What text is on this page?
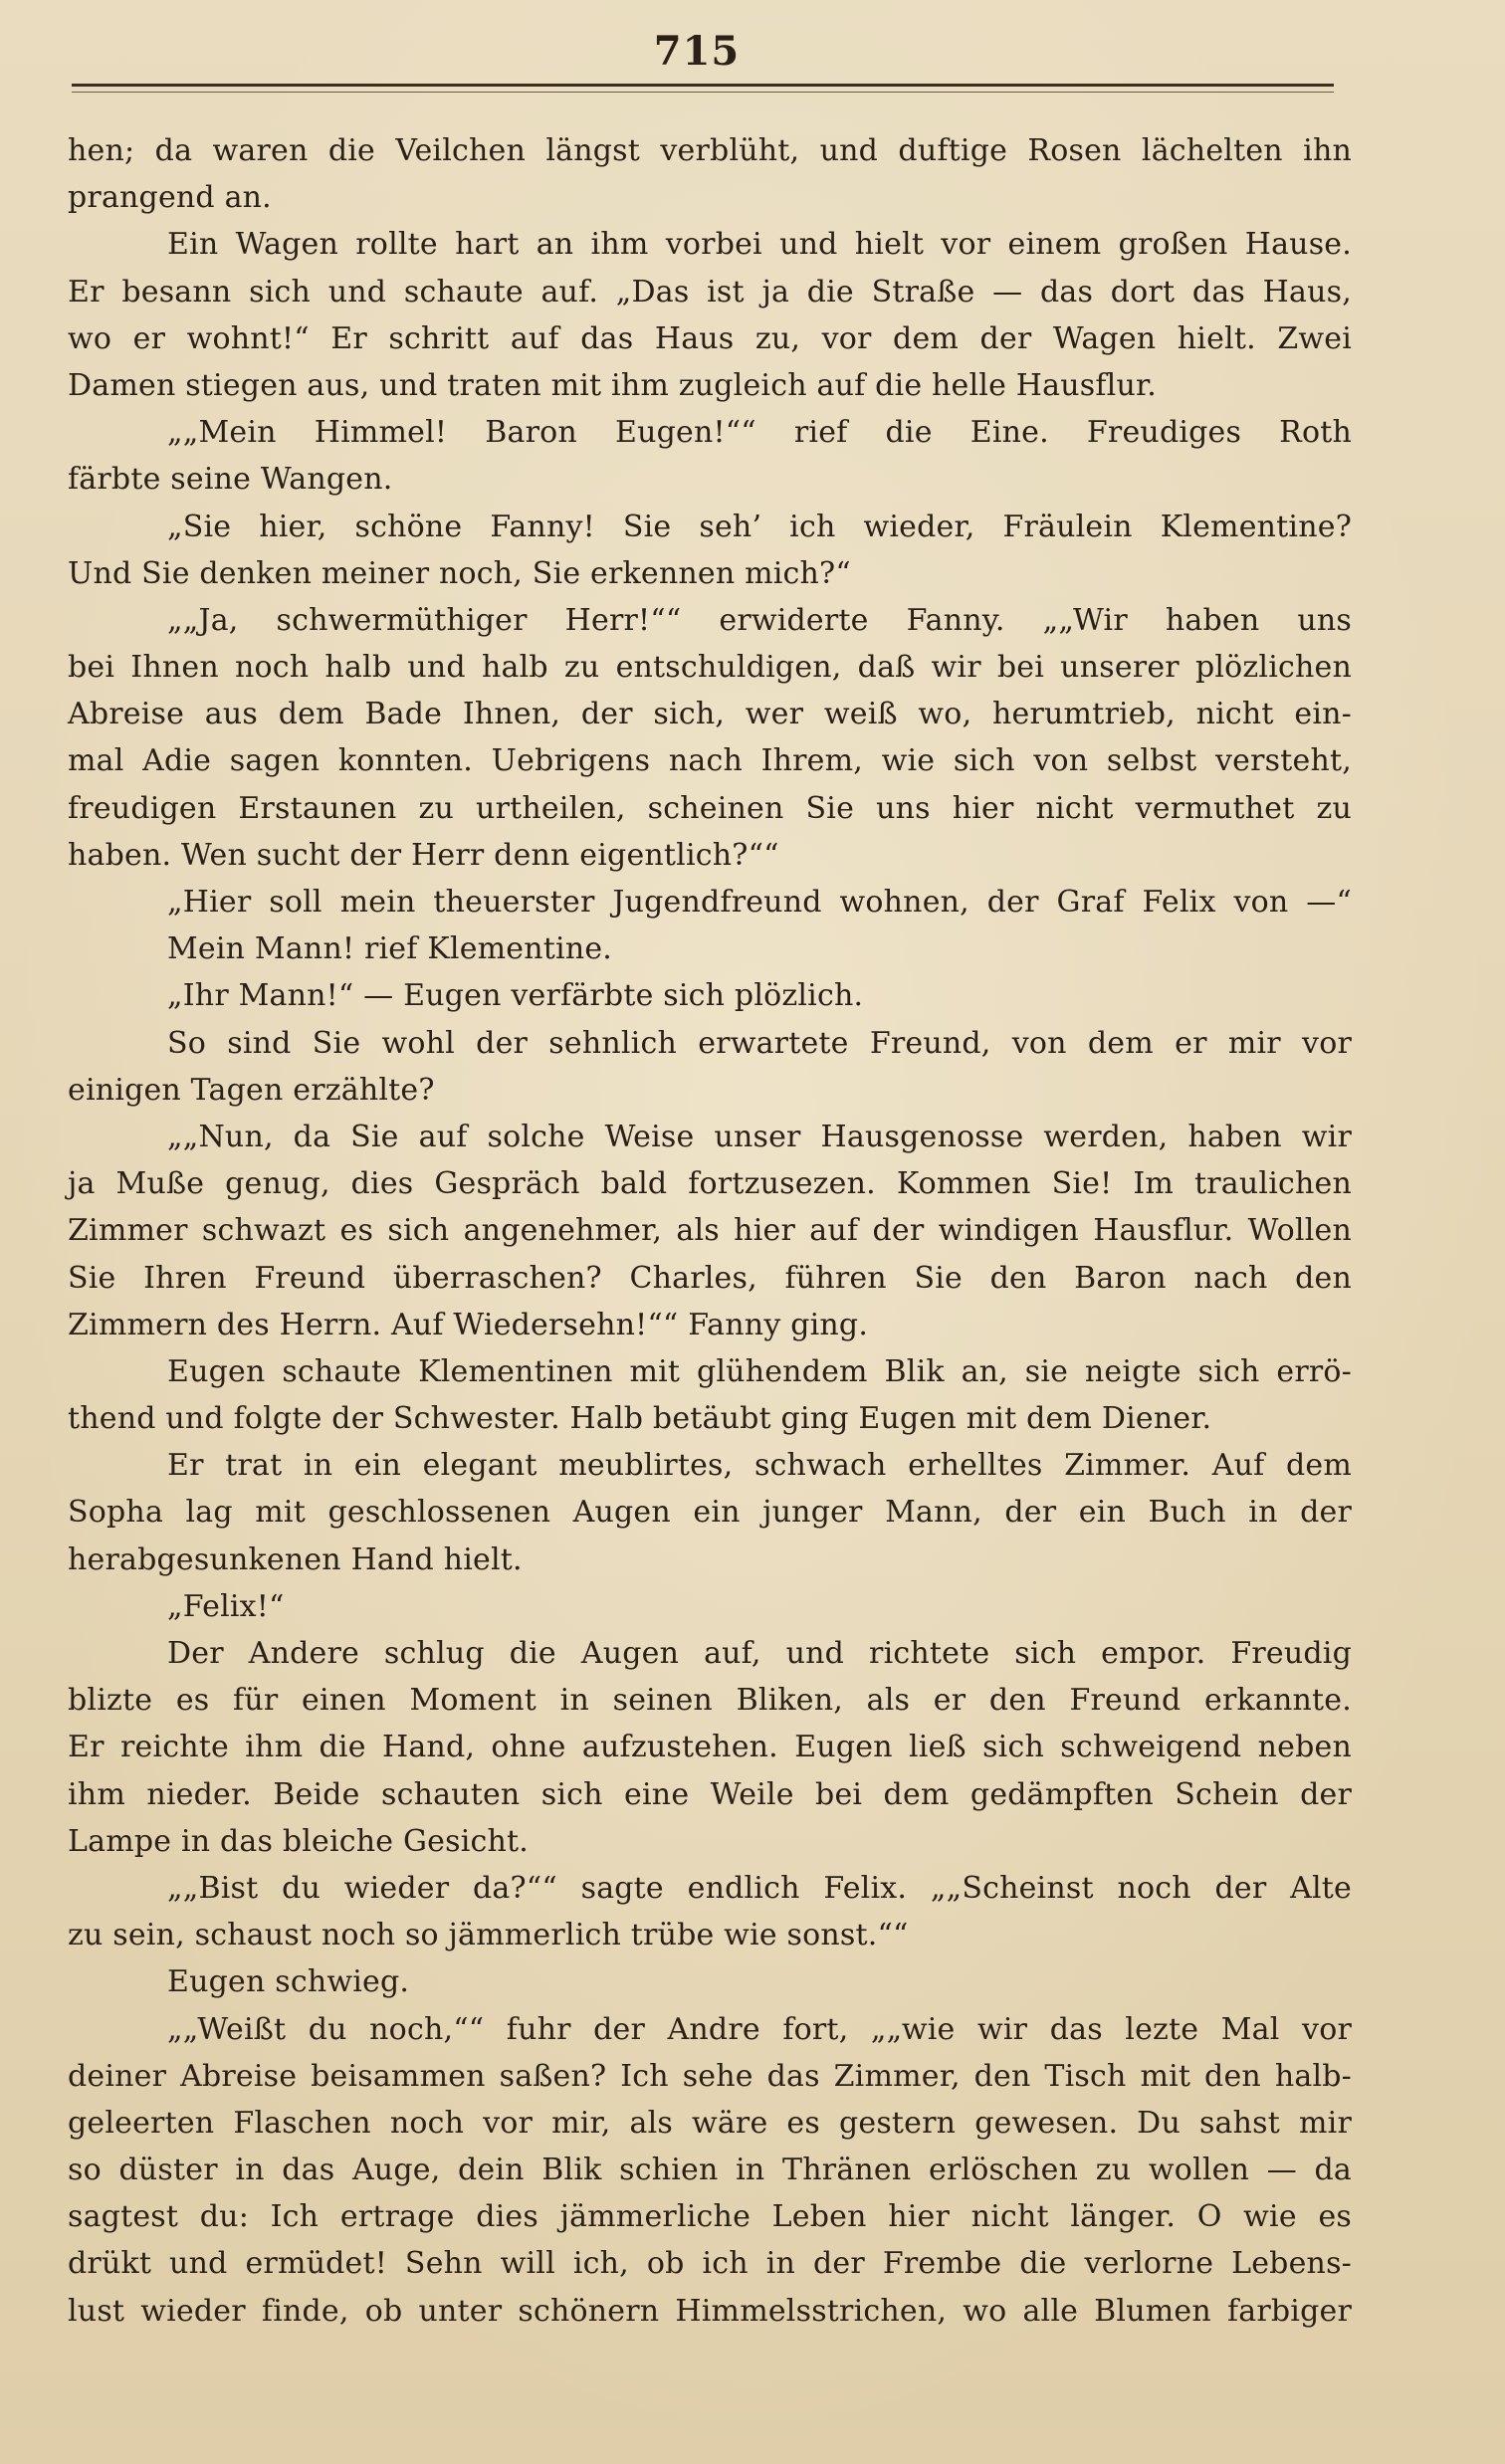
715
hen; da waren die Veilchen längst verblüht, und duftige Rosen lächelten ihn
prangend an.
Ein Wagen rollte hart an ihm vorbei und hielt vor einem großen Hause.
Er besann sich und schaute auf. „Das ist ja die Straße — das dort das Haus,
wo er wohnt!“ Er schritt auf das Haus zu, vor dem der Wagen hielt. Zwei
Damen stiegen aus, und traten mit ihm zugleich auf die helle Hausflur.
„„Mein Himmel! Baron Eugen!““ rief die Eine. Freudiges Roth
färbte seine Wangen.
„Sie hier, schöne Fanny! Sie seh’ ich wieder, Fräulein Klementine?
Und Sie denken meiner noch, Sie erkennen mich?“
„„Ja, schwermüthiger Herr!““ erwiderte Fanny. „„Wir haben uns
bei Ihnen noch halb und halb zu entschuldigen, daß wir bei unserer plözlichen
Abreise aus dem Bade Ihnen, der sich, wer weiß wo, herumtrieb, nicht ein-
mal Adie sagen konnten. Uebrigens nach Ihrem, wie sich von selbst versteht,
freudigen Erstaunen zu urtheilen, scheinen Sie uns hier nicht vermuthet zu
haben. Wen sucht der Herr denn eigentlich?““
„Hier soll mein theuerster Jugendfreund wohnen, der Graf Felix von —“
Mein Mann! rief Klementine.
„Ihr Mann!“ — Eugen verfärbte sich plözlich.
So sind Sie wohl der sehnlich erwartete Freund, von dem er mir vor
einigen Tagen erzählte?
„„Nun, da Sie auf solche Weise unser Hausgenosse werden, haben wir
ja Muße genug, dies Gespräch bald fortzusezen. Kommen Sie! Im traulichen
Zimmer schwazt es sich angenehmer, als hier auf der windigen Hausflur. Wollen
Sie Ihren Freund überraschen? Charles, führen Sie den Baron nach den
Zimmern des Herrn. Auf Wiedersehn!““ Fanny ging.
Eugen schaute Klementinen mit glühendem Blik an, sie neigte sich errö-
thend und folgte der Schwester. Halb betäubt ging Eugen mit dem Diener.
Er trat in ein elegant meublirtes, schwach erhelltes Zimmer. Auf dem
Sopha lag mit geschlossenen Augen ein junger Mann, der ein Buch in der
herabgesunkenen Hand hielt.
„Felix!“
Der Andere schlug die Augen auf, und richtete sich empor. Freudig
blizte es für einen Moment in seinen Bliken, als er den Freund erkannte.
Er reichte ihm die Hand, ohne aufzustehen. Eugen ließ sich schweigend neben
ihm nieder. Beide schauten sich eine Weile bei dem gedämpften Schein der
Lampe in das bleiche Gesicht.
„„Bist du wieder da?““ sagte endlich Felix. „„Scheinst noch der Alte
zu sein, schaust noch so jämmerlich trübe wie sonst.““
Eugen schwieg.
„„Weißt du noch,““ fuhr der Andre fort, „„wie wir das lezte Mal vor
deiner Abreise beisammen saßen? Ich sehe das Zimmer, den Tisch mit den halb-
geleerten Flaschen noch vor mir, als wäre es gestern gewesen. Du sahst mir
so düster in das Auge, dein Blik schien in Thränen erlöschen zu wollen — da
sagtest du: Ich ertrage dies jämmerliche Leben hier nicht länger. O wie es
drükt und ermüdet! Sehn will ich, ob ich in der Frembe die verlorne Lebens-
lust wieder finde, ob unter schönern Himmelsstrichen, wo alle Blumen farbiger
